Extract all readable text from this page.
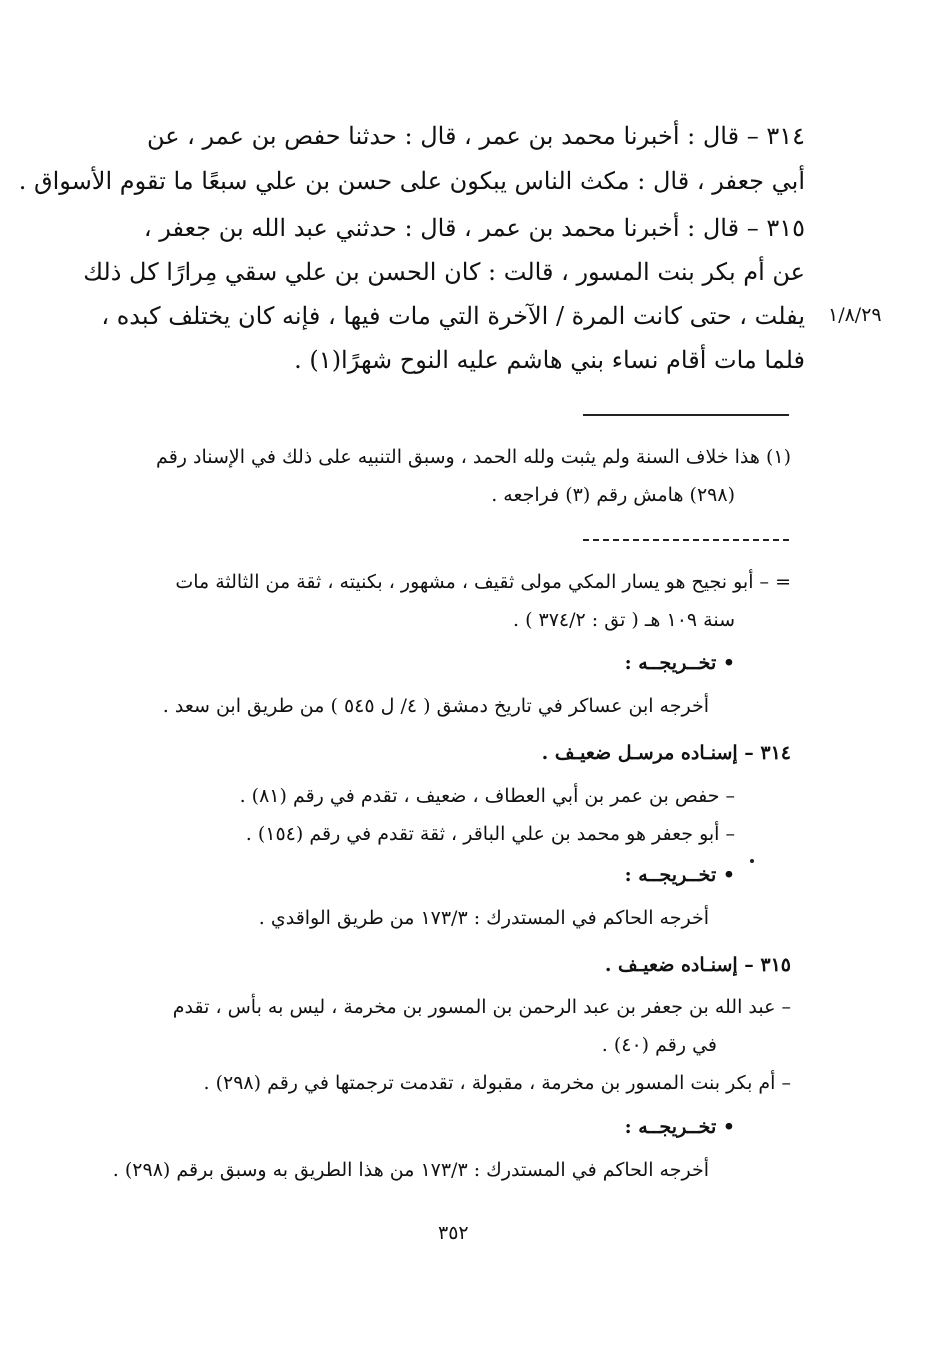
٣١٤ – قال : أخبرنا محمد بن عمر ، قال : حدثنا حفص بن عمر ، عن
أبي جعفر ، قال : مكث الناس يبكون على حسن بن علي سبعًا ما تقوم الأسواق .
٣١٥ – قال : أخبرنا محمد بن عمر ، قال : حدثني عبد الله بن جعفر ،
عن أم بكر بنت المسور ، قالت : كان الحسن بن علي سقي مِرارًا كل ذلك
يفلت ، حتى كانت المرة / الآخرة التي مات فيها ، فإنه كان يختلف كبده ،
فلما مات أقام نساء بني هاشم عليه النوح شهرًا(١) .
١/٨/٢٩
(١) هذا خلاف السنة ولم يثبت ولله الحمد ، وسبق التنبيه على ذلك في الإسناد رقم
(٢٩٨) هامش رقم (٣) فراجعه .
= – أبو نجيح هو يسار المكي مولى ثقيف ، مشهور ، بكنيته ، ثقة من الثالثة مات
سنة ١٠٩ هـ ( تق : ٣٧٤/٢ ) .
• تخــريجــه :
أخرجه ابن عساكر في تاريخ دمشق ( ٤/ ل ٥٤٥ ) من طريق ابن سعد .
٣١٤ – إسنـاده مرسـل ضعيـف .
– حفص بن عمر بن أبي العطاف ، ضعيف ، تقدم في رقم (٨١) .
– أبو جعفر هو محمد بن علي الباقر ، ثقة تقدم في رقم (١٥٤) .
• تخــريجــه :
أخرجه الحاكم في المستدرك : ١٧٣/٣ من طريق الواقدي .
٣١٥ – إسنـاده ضعيـف .
– عبد الله بن جعفر بن عبد الرحمن بن المسور بن مخرمة ، ليس به بأس ، تقدم
في رقم (٤٠) .
– أم بكر بنت المسور بن مخرمة ، مقبولة ، تقدمت ترجمتها في رقم (٢٩٨) .
• تخــريجــه :
أخرجه الحاكم في المستدرك : ١٧٣/٣ من هذا الطريق به وسبق برقم (٢٩٨) .
٣٥٢
